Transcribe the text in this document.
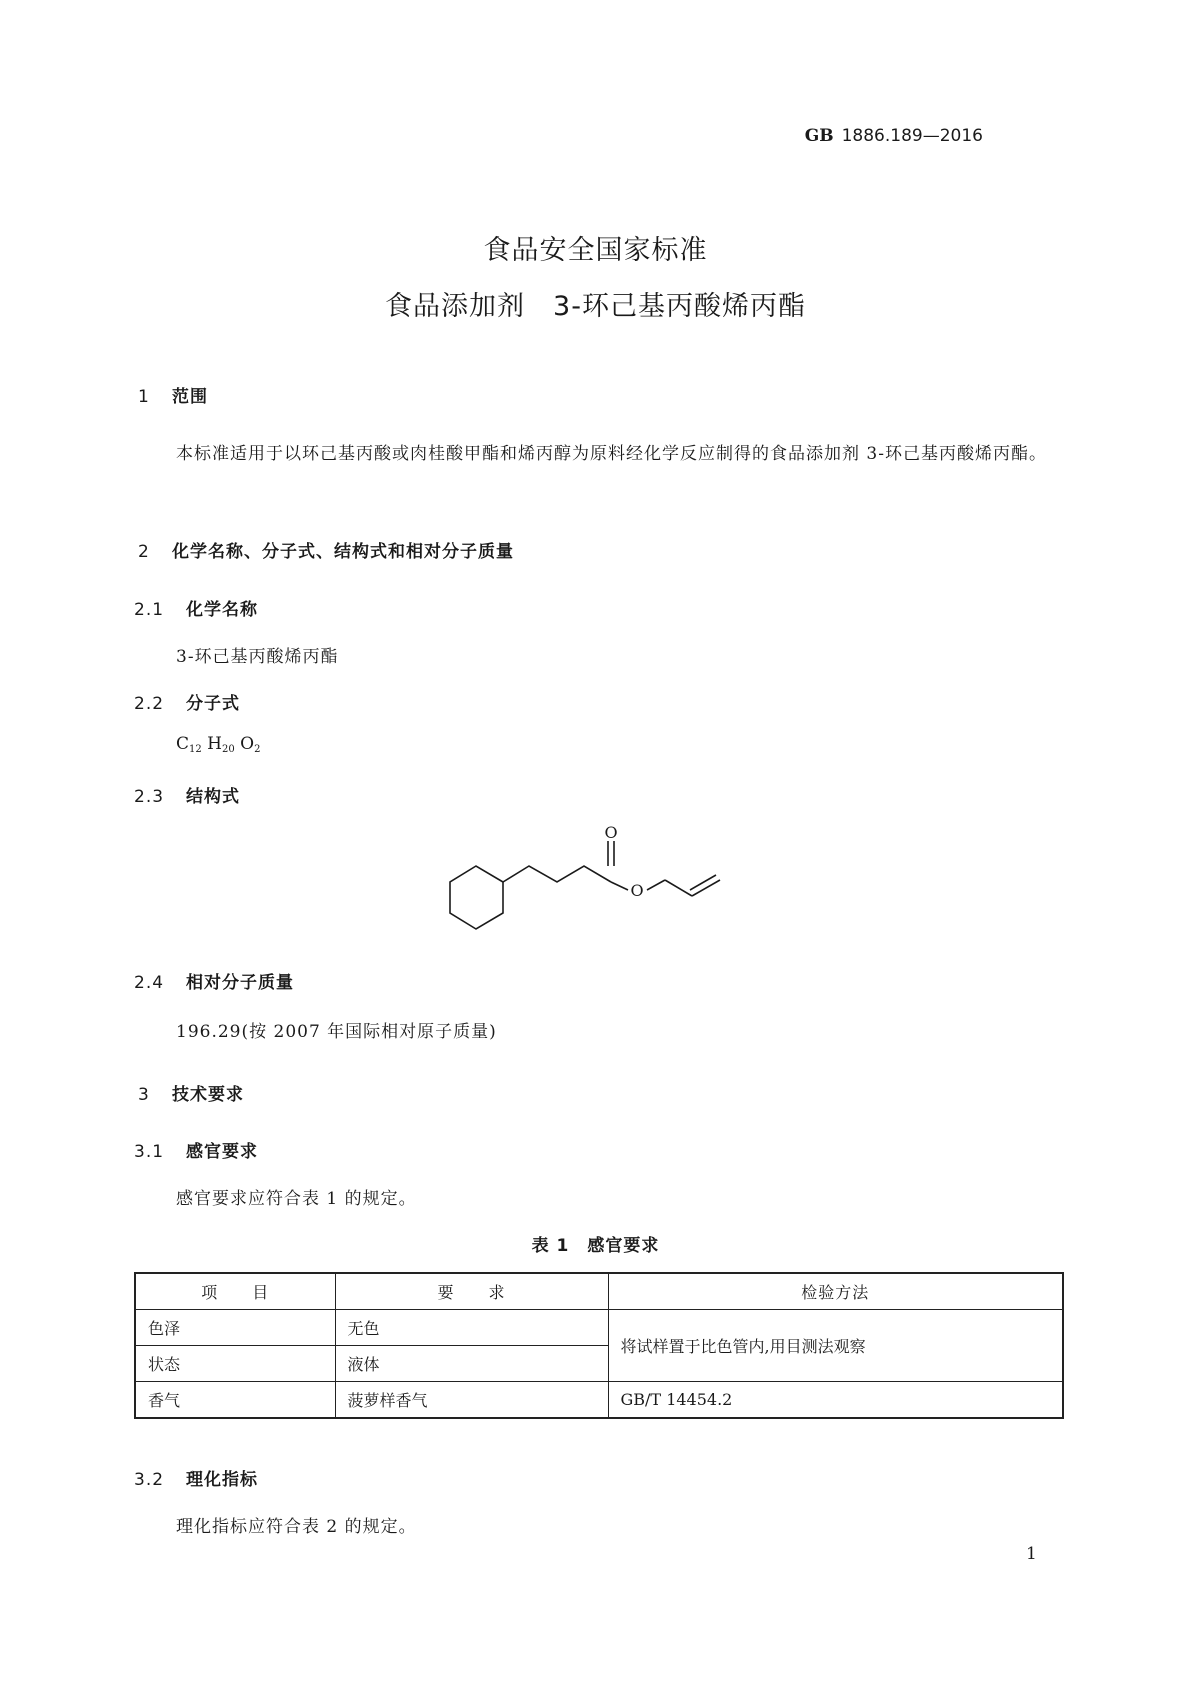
GB 1886.189—2016
食品安全国家标准
食品添加剂　3-环己基丙酸烯丙酯
1 范围
本标准适用于以环己基丙酸或肉桂酸甲酯和烯丙醇为原料经化学反应制得的食品添加剂 3-环己基丙酸烯丙酯。
2 化学名称、分子式、结构式和相对分子质量
2.1 化学名称
3-环己基丙酸烯丙酯
2.2 分子式
$C_{12}$ $H_{20}$ $O_2$
2.3 结构式
O
O
2.4 相对分子质量
196.29(按 2007 年国际相对原子质量)
3 技术要求
3.1 感官要求
感官要求应符合表 1 的规定。
表 1　感官要求
项　　目	要　　求	检验方法
色泽	无色	将试样置于比色管内,用目测法观察
状态	液体	
香气	菠萝样香气	GB/T 14454.2
3.2 理化指标
理化指标应符合表 2 的规定。
1
